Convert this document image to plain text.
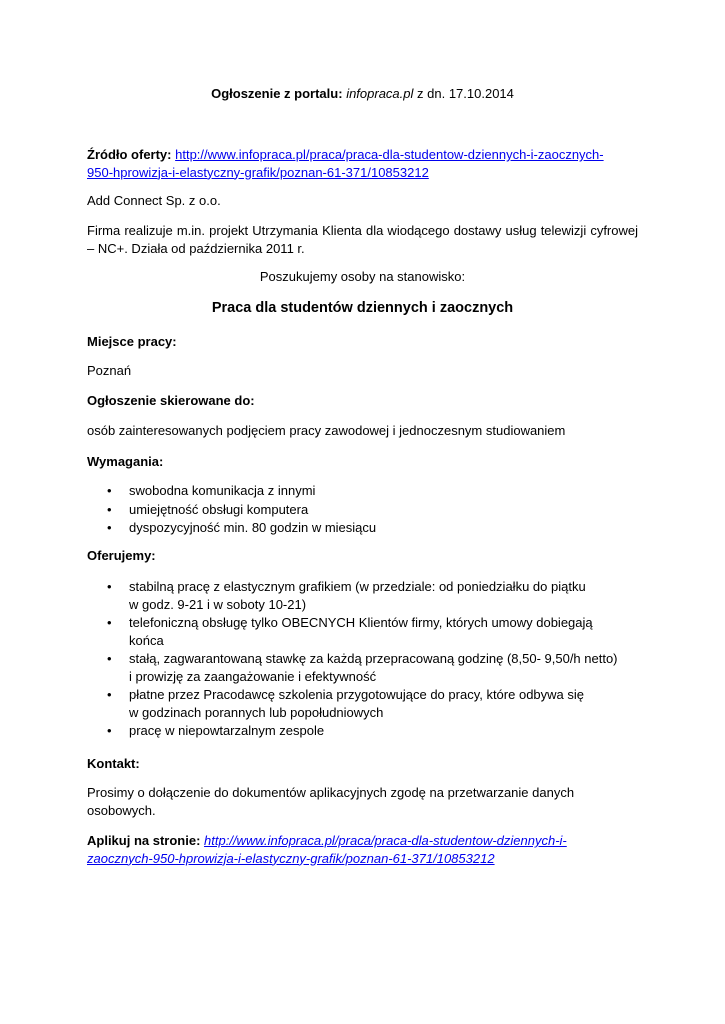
Ogłoszenie z portalu: infopraca.pl z dn. 17.10.2014

Źródło oferty: http://www.infopraca.pl/praca/praca-dla-studentow-dziennych-i-zaocznych-
950-hprowizja-i-elastyczny-grafik/poznan-61-371/10853212

Add Connect Sp. z o.o.

Firma realizuje m.in. projekt Utrzymania Klienta dla wiodącego dostawy usług telewizji cyfrowej – NC+. Działa od października 2011 r.

Poszukujemy osoby na stanowisko:

Praca dla studentów dziennych i zaocznych

Miejsce pracy:

Poznań

Ogłoszenie skierowane do:

osób zainteresowanych podjęciem pracy zawodowej i jednoczesnym studiowaniem

Wymagania:

• swobodna komunikacja z innymi
• umiejętność obsługi komputera
• dyspozycyjność min. 80 godzin w miesiącu

Oferujemy:

• stabilną pracę z elastycznym grafikiem (w przedziale: od poniedziałku do piątku
w godz. 9-21 i w soboty 10-21)
• telefoniczną obsługę tylko OBECNYCH Klientów firmy, których umowy dobiegają
końca
• stałą, zagwarantowaną stawkę za każdą przepracowaną godzinę (8,50- 9,50/h netto)
i prowizję za zaangażowanie i efektywność
• płatne przez Pracodawcę szkolenia przygotowujące do pracy, które odbywa się
w godzinach porannych lub popołudniowych
• pracę w niepowtarzalnym zespole

Kontakt:

Prosimy o dołączenie do dokumentów aplikacyjnych zgodę na przetwarzanie danych
osobowych.

Aplikuj na stronie: http://www.infopraca.pl/praca/praca-dla-studentow-dziennych-i-
zaocznych-950-hprowizja-i-elastyczny-grafik/poznan-61-371/10853212
